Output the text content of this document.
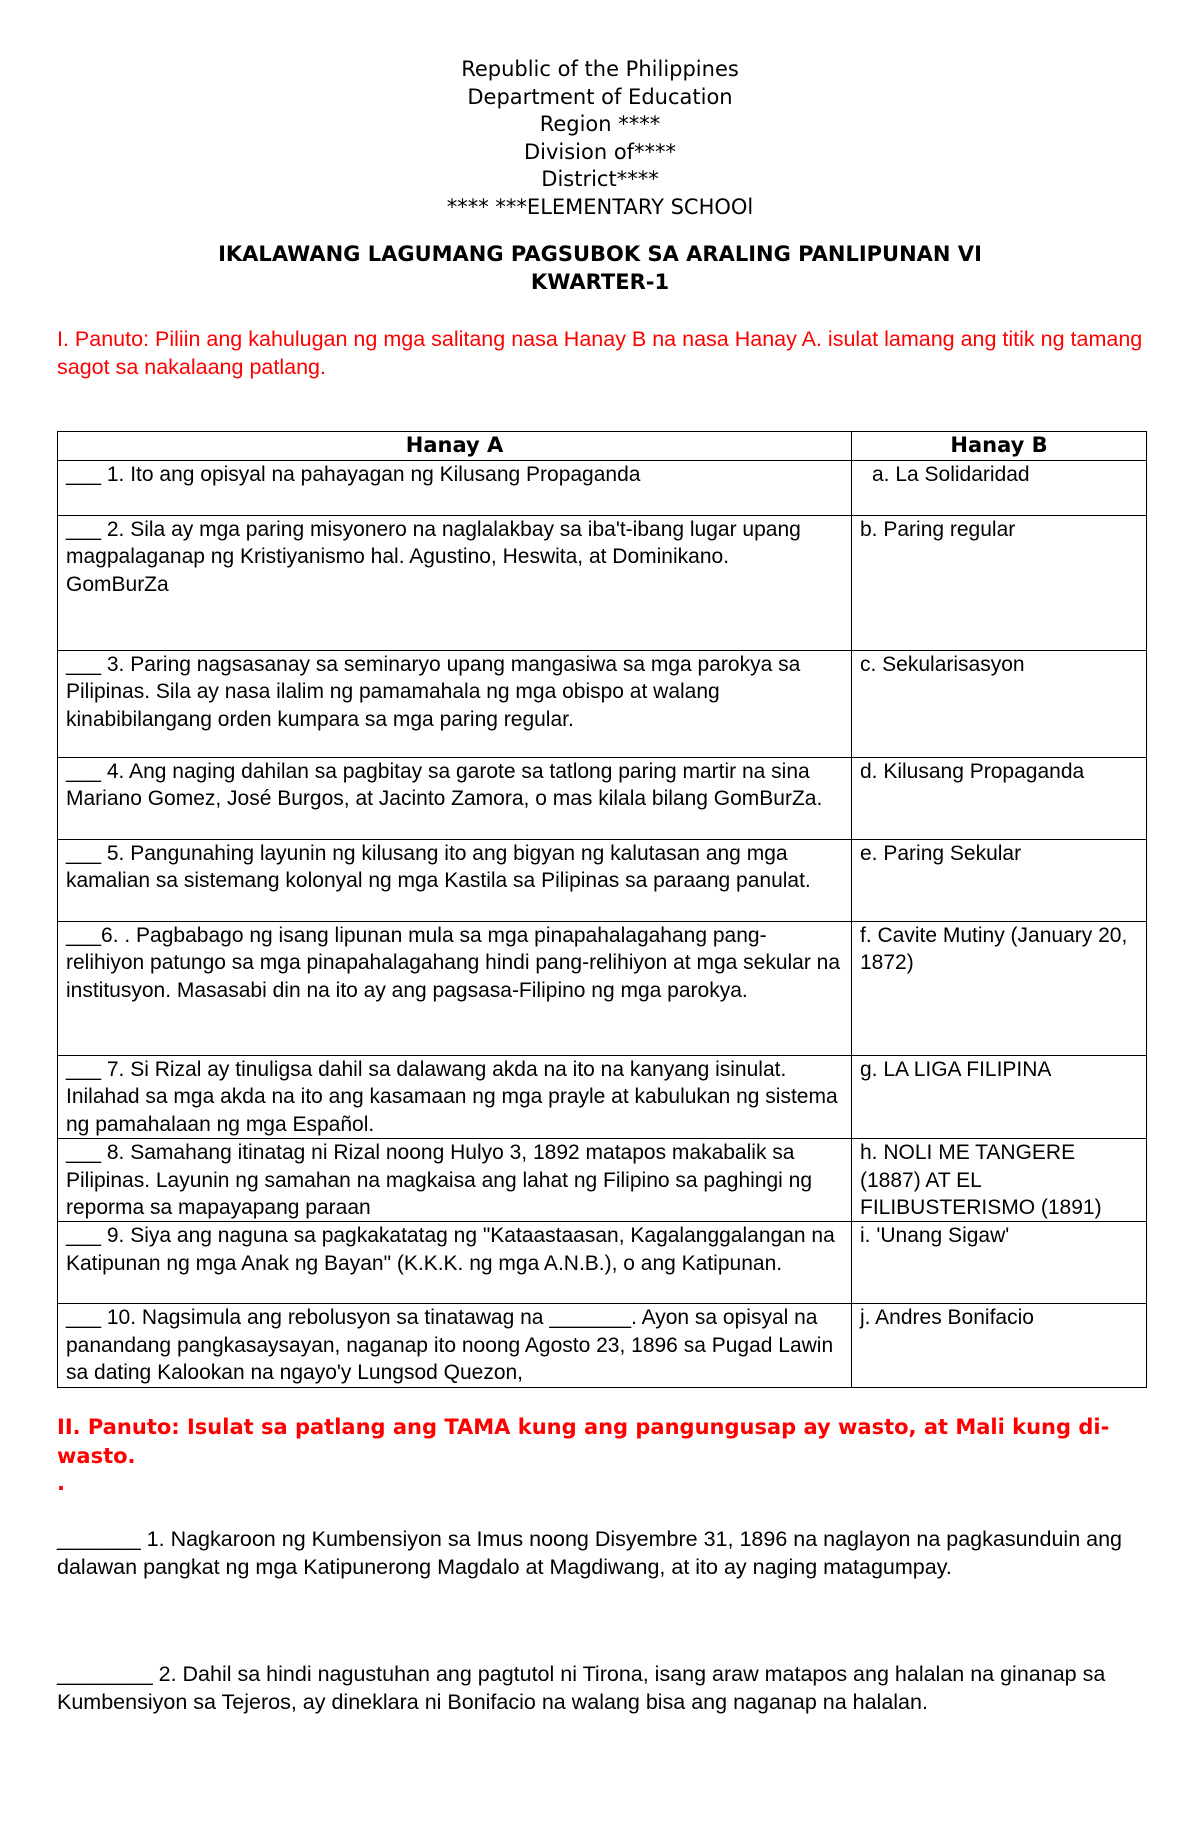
Republic of the Philippines
Department of Education
Region ****
Division of****
District****
**** ***ELEMENTARY SCHOOl
IKALAWANG LAGUMANG PAGSUBOK SA ARALING PANLIPUNAN VI
KWARTER-1
I. Panuto: Piliin ang kahulugan ng mga salitang nasa Hanay B na nasa Hanay A. isulat lamang ang titik ng tamang sagot sa nakalaang patlang.
Hanay A	Hanay B
___ 1. Ito ang opisyal na pahayagan ng Kilusang Propaganda	a. La Solidaridad
___ 2. Sila ay mga paring misyonero na naglalakbay sa iba't-ibang lugar upang magpalaganap ng Kristiyanismo hal. Agustino, Heswita, at Dominikano.
GomBurZa	b. Paring regular
___ 3. Paring nagsasanay sa seminaryo upang mangasiwa sa mga parokya sa Pilipinas. Sila ay nasa ilalim ng pamamahala ng mga obispo at walang kinabibilangang orden kumpara sa mga paring regular.	c. Sekularisasyon
___ 4. Ang naging dahilan sa pagbitay sa garote sa tatlong paring martir na sina Mariano Gomez, José Burgos, at Jacinto Zamora, o mas kilala bilang GomBurZa.	d. Kilusang Propaganda
___ 5. Pangunahing layunin ng kilusang ito ang bigyan ng kalutasan ang mga kamalian sa sistemang kolonyal ng mga Kastila sa Pilipinas sa paraang panulat.	e. Paring Sekular
___6. . Pagbabago ng isang lipunan mula sa mga pinapahalagahang pang-relihiyon patungo sa mga pinapahalagahang hindi pang-relihiyon at mga sekular na institusyon. Masasabi din na ito ay ang pagsasa-Filipino ng mga parokya.	f. Cavite Mutiny (January 20, 1872)
___ 7. Si Rizal ay tinuligsa dahil sa dalawang akda na ito na kanyang isinulat. Inilahad sa mga akda na ito ang kasamaan ng mga prayle at kabulukan ng sistema ng pamahalaan ng mga Español.	g. LA LIGA FILIPINA
___ 8. Samahang itinatag ni Rizal noong Hulyo 3, 1892 matapos makabalik sa Pilipinas. Layunin ng samahan na magkaisa ang lahat ng Filipino sa paghingi ng reporma sa mapayapang paraan	h. NOLI ME TANGERE (1887) AT EL FILIBUSTERISMO (1891)
___ 9. Siya ang naguna sa pagkakatatag ng "Kataastaasan, Kagalanggalangan na Katipunan ng mga Anak ng Bayan" (K.K.K. ng mga A.N.B.), o ang Katipunan.	i. 'Unang Sigaw'
___ 10. Nagsimula ang rebolusyon sa tinatawag na _______. Ayon sa opisyal na panandang pangkasaysayan, naganap ito noong Agosto 23, 1896 sa Pugad Lawin sa dating Kalookan na ngayo'y Lungsod Quezon,	j. Andres Bonifacio
II. Panuto: Isulat sa patlang ang TAMA kung ang pangungusap ay wasto, at Mali kung di-wasto.
.
_______ 1. Nagkaroon ng Kumbensiyon sa Imus noong Disyembre 31, 1896 na naglayon na pagkasunduin ang dalawan pangkat ng mga Katipunerong Magdalo at Magdiwang, at ito ay naging matagumpay.
________ 2. Dahil sa hindi nagustuhan ang pagtutol ni Tirona, isang araw matapos ang halalan na ginanap sa Kumbensiyon sa Tejeros, ay dineklara ni Bonifacio na walang bisa ang naganap na halalan.
